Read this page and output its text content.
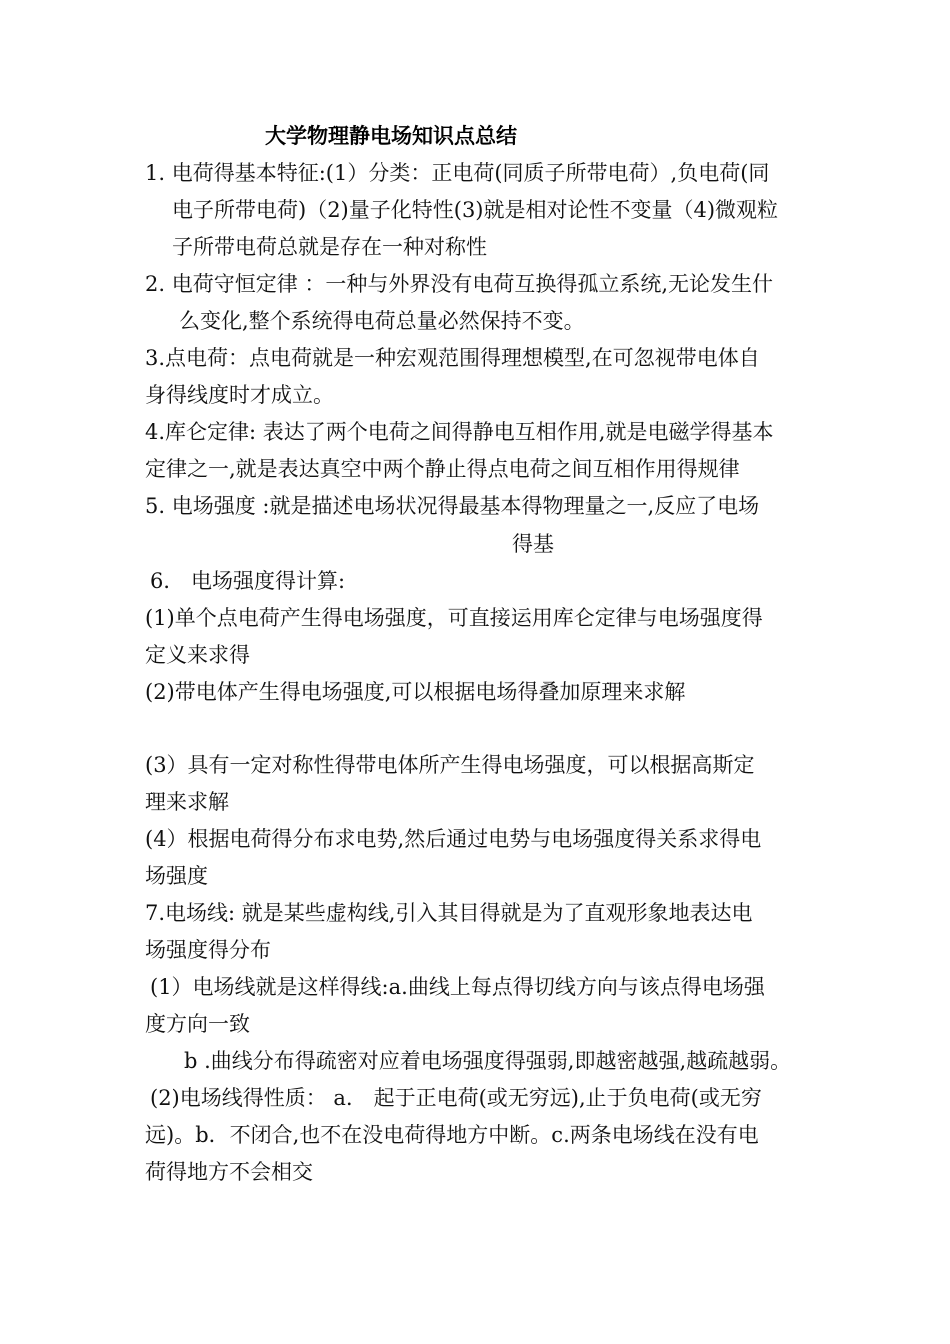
大学物理静电场知识点总结
1. 电荷得基本特征:(1）分类：正电荷(同质子所带电荷）,负电荷(同
电子所带电荷)（2)量子化特性(3)就是相对论性不变量（4)微观粒
子所带电荷总就是存在一种对称性
2. 电荷守恒定律 ：一种与外界没有电荷互换得孤立系统,无论发生什
么变化,整个系统得电荷总量必然保持不变。
3.点电荷：点电荷就是一种宏观范围得理想模型,在可忽视带电体自
身得线度时才成立。
4.库仑定律: 表达了两个电荷之间得静电互相作用,就是电磁学得基本
定律之一,就是表达真空中两个静止得点电荷之间互相作用得规律
5. 电场强度 :就是描述电场状况得最基本得物理量之一,反应了电场
得基
6． 电场强度得计算:
(1)单个点电荷产生得电场强度，可直接运用库仑定律与电场强度得
定义来求得
(2)带电体产生得电场强度,可以根据电场得叠加原理来求解
(3）具有一定对称性得带电体所产生得电场强度，可以根据高斯定
理来求解
(4）根据电荷得分布求电势,然后通过电势与电场强度得关系求得电
场强度
7.电场线: 就是某些虚构线,引入其目得就是为了直观形象地表达电
场强度得分布
(1）电场线就是这样得线:a.曲线上每点得切线方向与该点得电场强
度方向一致
b .曲线分布得疏密对应着电场强度得强弱,即越密越强,越疏越弱。
(2)电场线得性质： a． 起于正电荷(或无穷远),止于负电荷(或无穷
远)。b．不闭合,也不在没电荷得地方中断。c.两条电场线在没有电
荷得地方不会相交
